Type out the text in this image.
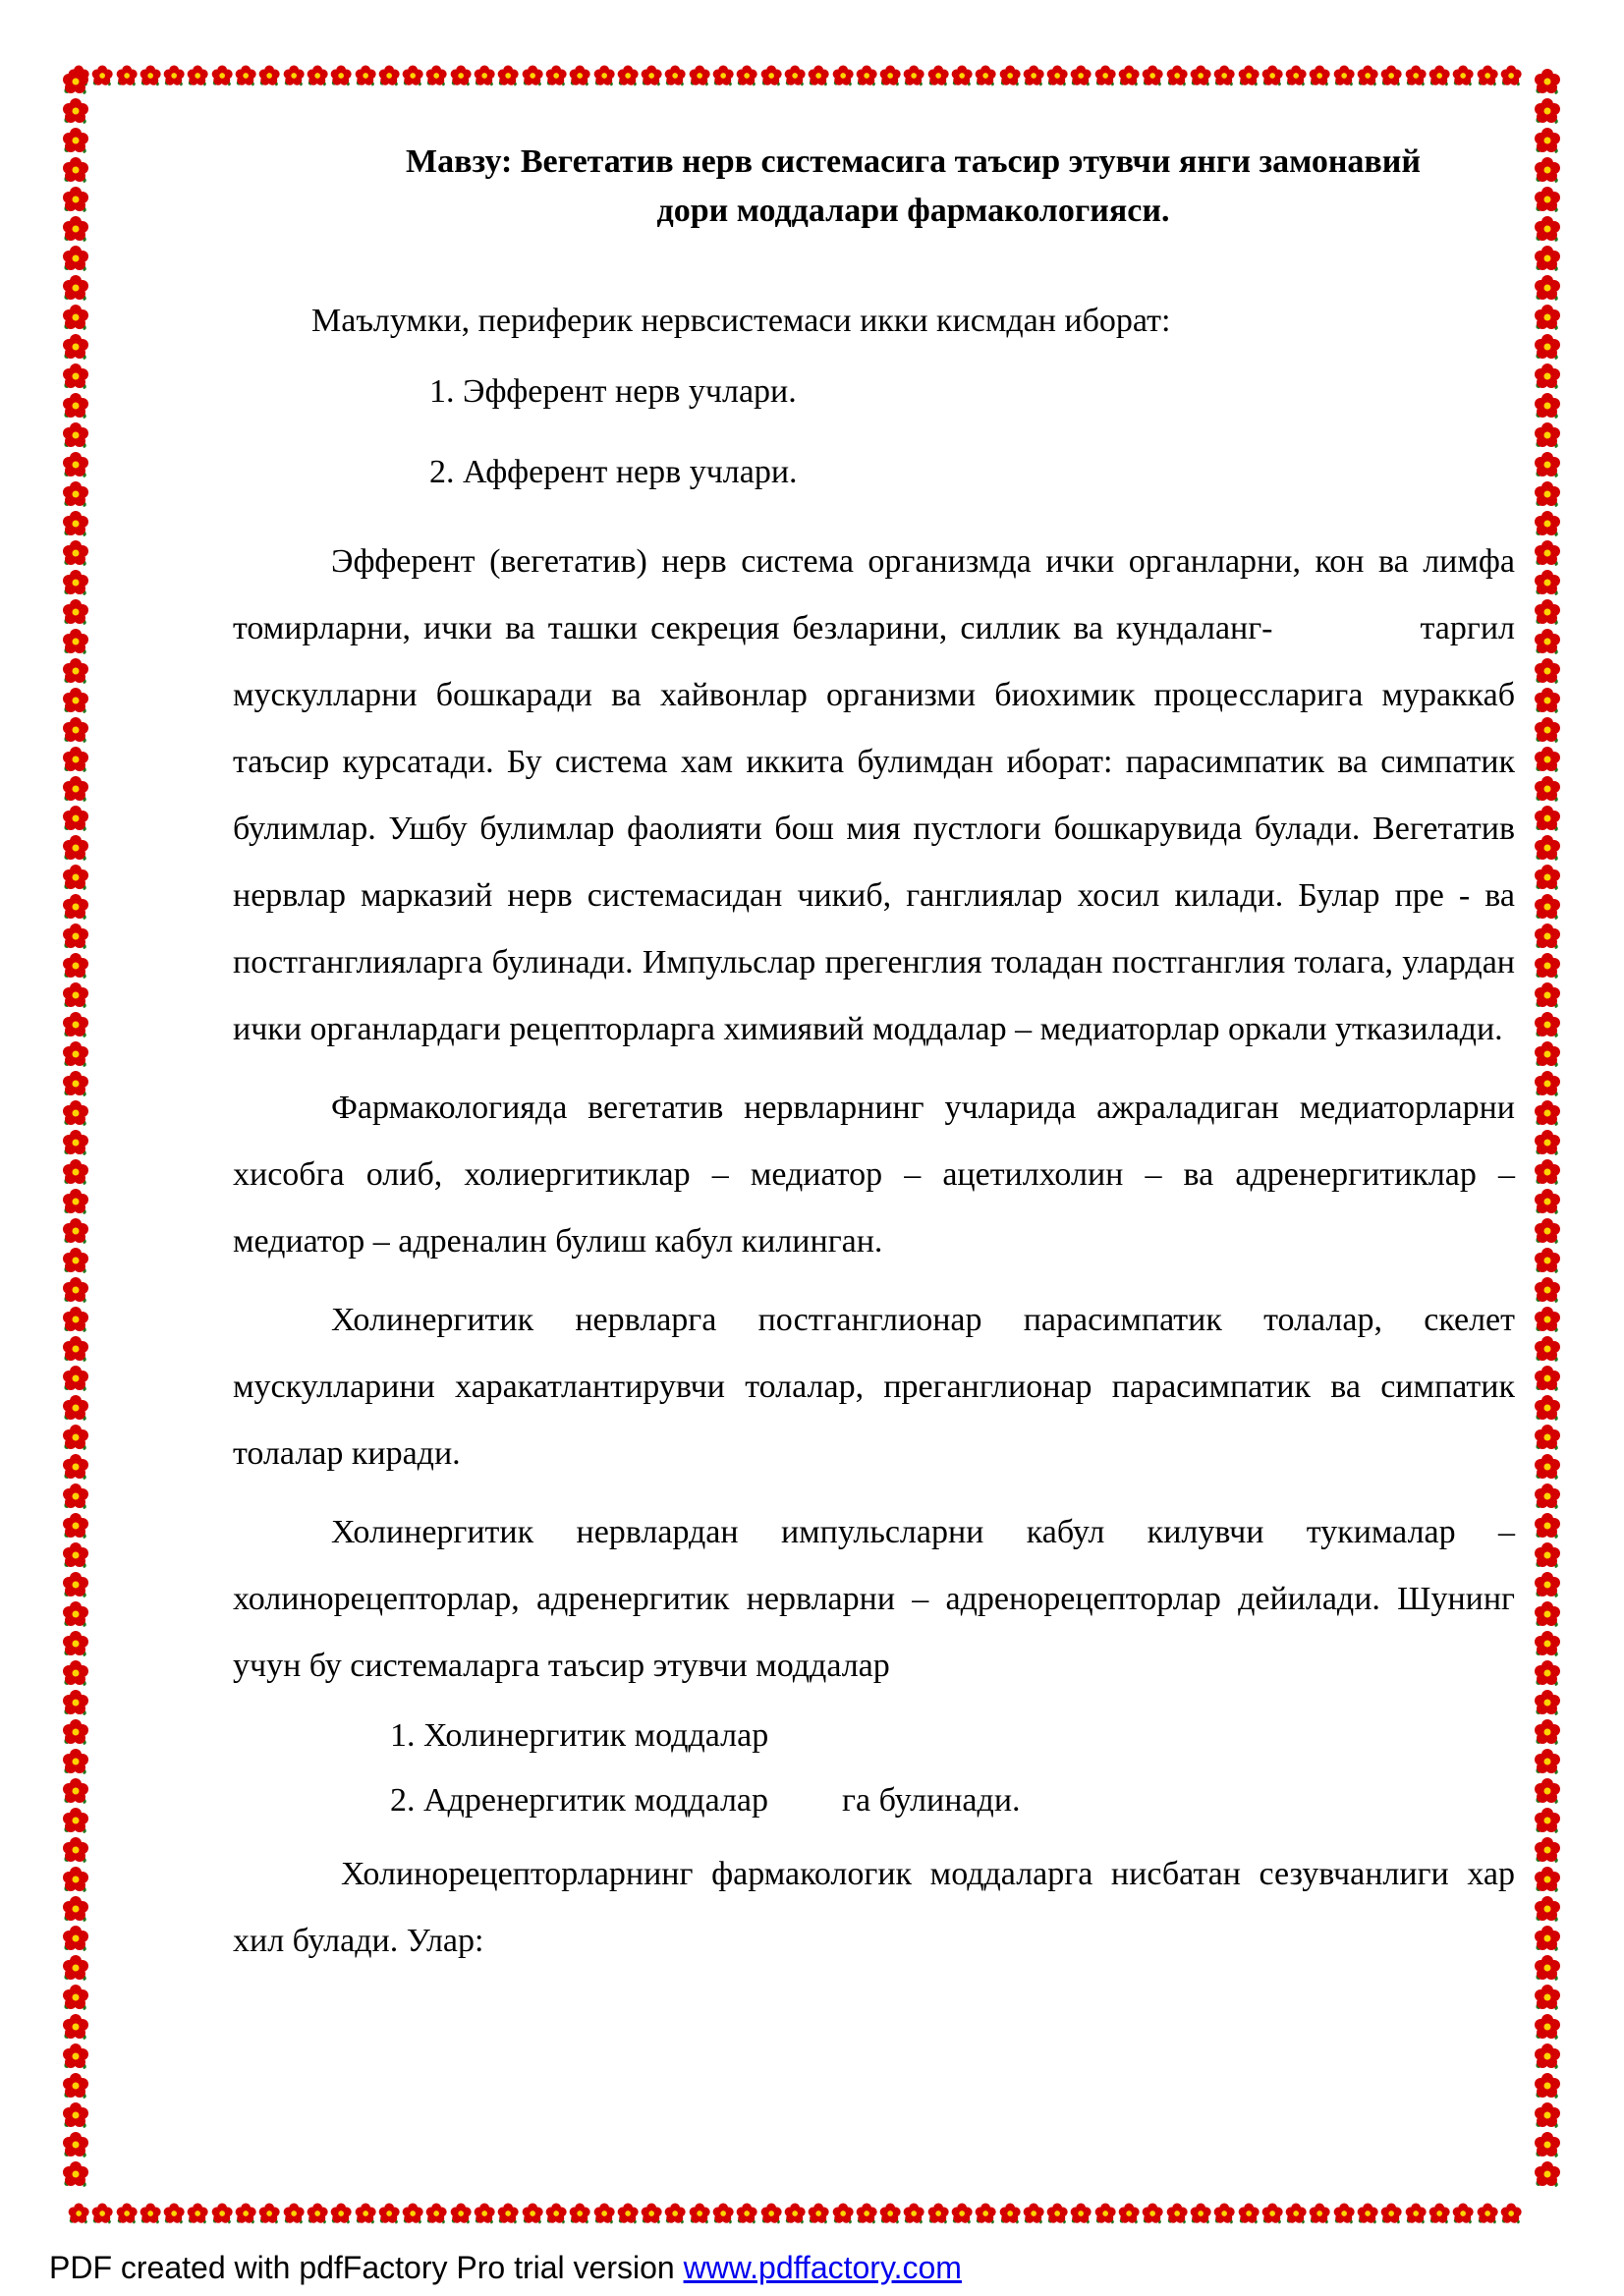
Мавзу: Вегетатив нерв системасига таъсир этувчи янги замонавий
дори моддалари фармакологияси.
Маълумки, периферик нервсистемаси икки кисмдан иборат:
1. Эфферент нерв учлари.
2. Афферент нерв учлари.

Эфферент (вегетатив) нерв система организмда ички органларни, кон ва лимфа томирларни, ички ва ташки секреция безларини, силлик ва кундаланг-	таргил мускулларни бошкаради ва хайвонлар организми биохимик процессларига мураккаб таъсир курсатади. Бу система хам иккита булимдан иборат: парасимпатик ва симпатик булимлар. Ушбу булимлар фаолияти бош мия пустлоги бошкарувида булади. Вегетатив нервлар марказий нерв системасидан чикиб, ганглиялар хосил килади. Булар пре - ва постганглияларга булинади. Импульслар прегенглия толадан постганглия толага, улардан ички органлардаги рецепторларга химиявий моддалар – медиаторлар оркали утказилади.

Фармакологияда вегетатив нервларнинг учларида ажраладиган медиаторларни хисобга олиб, холиергитиклар – медиатор – ацетилхолин – ва адренергитиклар – медиатор – адреналин булиш кабул килинган.

Холинергитик нервларга постганглионар парасимпатик толалар, скелет мускулларини харакатлантирувчи толалар, преганглионар парасимпатик ва симпатик толалар киради.

Холинергитик нервлардан импульсларни кабул килувчи тукималар – холинорецепторлар, адренергитик нервларни – адренорецепторлар дейилади. Шунинг учун бу системаларга таъсир этувчи моддалар

1. Холинергитик моддалар
2. Адренергитик моддалар га булинади.

Холинорецепторларнинг фармакологик моддаларга нисбатан сезувчанлиги хар хил булади. Улар:

PDF created with pdfFactory Pro trial version www.pdffactory.com
